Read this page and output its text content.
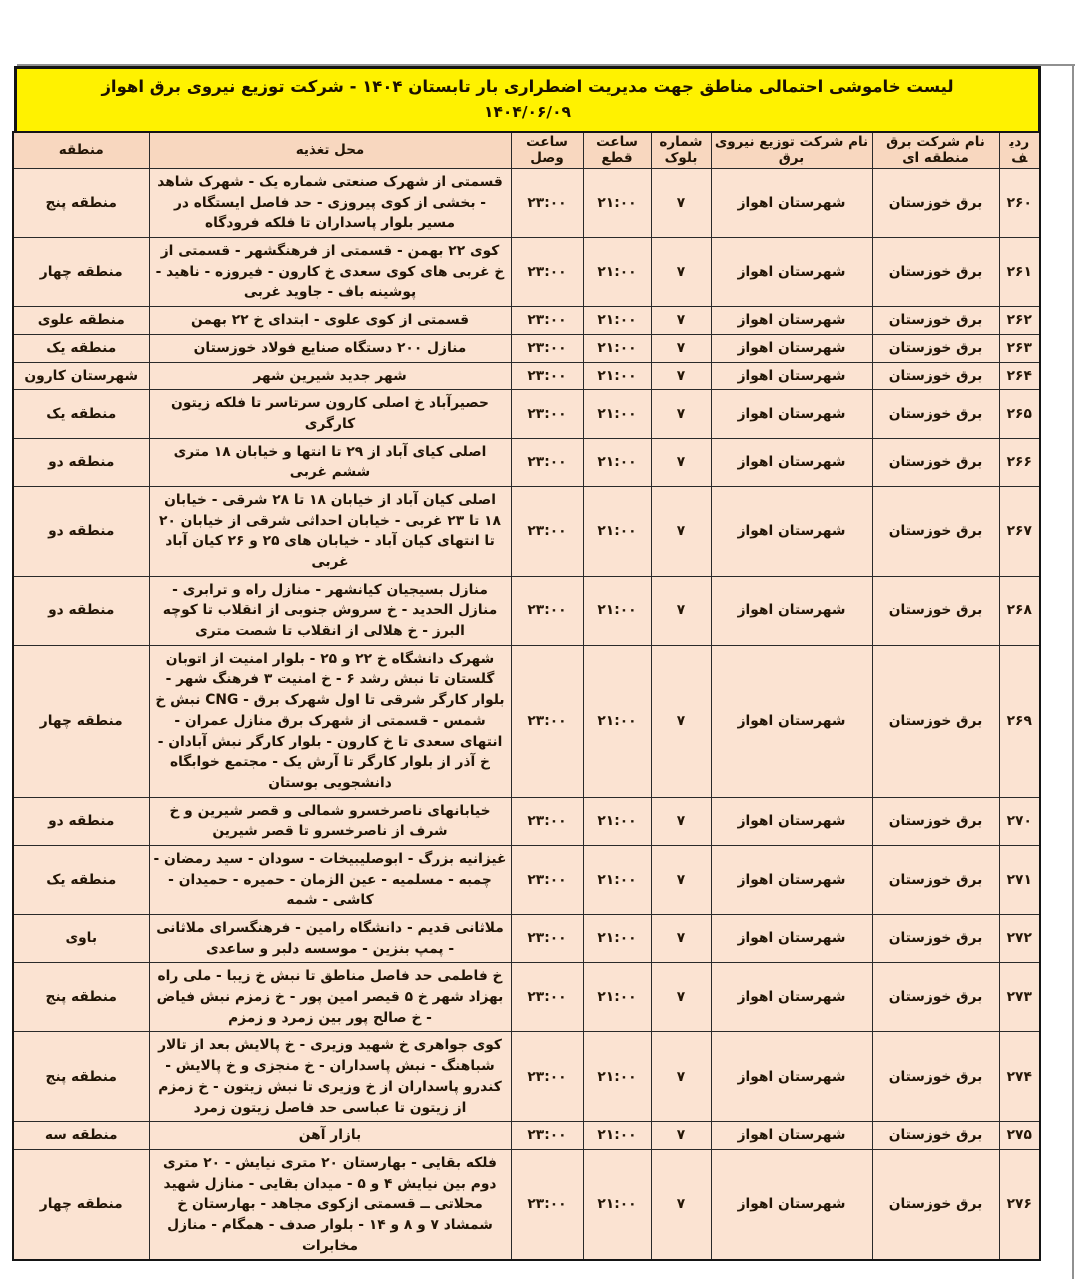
لیست خاموشی احتمالی مناطق جهت مدیریت اضطراری بار تابستان ۱۴۰۴ - شرکت توزیع نیروی برق اهواز
۱۴۰۴/۰۶/۰۹
ردیف	نام شرکت برق منطقه ای	نام شرکت توزیع نیروی برق	شماره بلوک	ساعت قطع	ساعت وصل	محل تغذیه	منطقه
۲۶۰	برق خوزستان	شهرستان اهواز	۷	۲۱:۰۰	۲۳:۰۰	قسمتی از شهرک صنعتی شماره یک - شهرک شاهد - بخشی از کوی پیروزی - حد فاصل ایستگاه در مسیر بلوار پاسداران تا فلکه فرودگاه	منطقه پنج
۲۶۱	برق خوزستان	شهرستان اهواز	۷	۲۱:۰۰	۲۳:۰۰	کوی ۲۲ بهمن - قسمتی از فرهنگشهر - قسمتی از خ غربی های کوی سعدی خ کارون - فیروزه - ناهید - پوشینه باف - جاوید غربی	منطقه چهار
۲۶۲	برق خوزستان	شهرستان اهواز	۷	۲۱:۰۰	۲۳:۰۰	قسمتی از کوی علوی - ابتدای خ ۲۲ بهمن	منطقه علوی
۲۶۳	برق خوزستان	شهرستان اهواز	۷	۲۱:۰۰	۲۳:۰۰	منازل ۲۰۰ دستگاه صنایع فولاد خوزستان	منطقه یک
۲۶۴	برق خوزستان	شهرستان اهواز	۷	۲۱:۰۰	۲۳:۰۰	شهر جدید شیرین شهر	شهرستان کارون
۲۶۵	برق خوزستان	شهرستان اهواز	۷	۲۱:۰۰	۲۳:۰۰	حصیرآباد خ اصلی کارون سرتاسر تا فلکه زیتون کارگری	منطقه یک
۲۶۶	برق خوزستان	شهرستان اهواز	۷	۲۱:۰۰	۲۳:۰۰	اصلی کیای آباد از ۲۹ تا انتها و خیابان ۱۸ متری ششم غربی	منطقه دو
۲۶۷	برق خوزستان	شهرستان اهواز	۷	۲۱:۰۰	۲۳:۰۰	اصلی کیان آباد از خیابان ۱۸ تا ۲۸ شرقی - خیابان ۱۸ تا ۲۳ غربی - خیابان احداثی شرقی از خیابان ۲۰ تا انتهای کیان آباد - خیابان های ۲۵ و ۲۶ کیان آباد غربی	منطقه دو
۲۶۸	برق خوزستان	شهرستان اهواز	۷	۲۱:۰۰	۲۳:۰۰	منازل بسیجیان کیانشهر - منازل راه و ترابری - منازل الحدید - خ سروش جنوبی از انقلاب تا کوچه البرز - خ هلالی از انقلاب تا شصت متری	منطقه دو
۲۶۹	برق خوزستان	شهرستان اهواز	۷	۲۱:۰۰	۲۳:۰۰	شهرک دانشگاه خ ۲۲ و ۲۵ - بلوار امنیت از اتوبان گلستان تا نبش رشد ۶ - خ امنیت ۳ فرهنگ شهر - بلوار کارگر شرقی تا اول شهرک برق - CNG نبش خ شمس - قسمتی از شهرک برق منازل عمران - انتهای سعدی تا خ کارون - بلوار کارگر نبش آبادان - خ آذر از بلوار کارگر تا آرش یک - مجتمع خوابگاه دانشجویی بوستان	منطقه چهار
۲۷۰	برق خوزستان	شهرستان اهواز	۷	۲۱:۰۰	۲۳:۰۰	خیابانهای ناصرخسرو شمالی و قصر شیرین و خ شرف از ناصرخسرو تا قصر شیرین	منطقه دو
۲۷۱	برق خوزستان	شهرستان اهواز	۷	۲۱:۰۰	۲۳:۰۰	غیزانیه بزرگ - ابوصلیبیخات - سودان - سید رمضان - چمبه - مسلمیه - عین الزمان - حمیره - حمیدان - کاشی - شمه	منطقه یک
۲۷۲	برق خوزستان	شهرستان اهواز	۷	۲۱:۰۰	۲۳:۰۰	ملاثانی قدیم - دانشگاه رامین - فرهنگسرای ملاثانی - پمپ بنزین - موسسه دلبر و ساعدی	باوی
۲۷۳	برق خوزستان	شهرستان اهواز	۷	۲۱:۰۰	۲۳:۰۰	خ فاطمی حد فاصل مناطق تا نبش خ زیبا - ملی راه بهزاد شهر خ ۵ قیصر امین پور - خ زمزم نبش فیاض - خ صالح پور بین زمرد و زمزم	منطقه پنج
۲۷۴	برق خوزستان	شهرستان اهواز	۷	۲۱:۰۰	۲۳:۰۰	کوی جواهری خ شهید وزیری - خ پالایش بعد از تالار شباهنگ - نبش پاسداران - خ منجزی و خ پالایش - کندرو پاسداران از خ وزیری تا نبش زیتون - خ زمزم از زیتون تا عباسی حد فاصل زیتون زمرد	منطقه پنج
۲۷۵	برق خوزستان	شهرستان اهواز	۷	۲۱:۰۰	۲۳:۰۰	بازار آهن	منطقه سه
۲۷۶	برق خوزستان	شهرستان اهواز	۷	۲۱:۰۰	۲۳:۰۰	فلکه بقایی - بهارستان ۲۰ متری نیایش - ۲۰ متری دوم بین نیایش ۴ و ۵ - میدان بقایی - منازل شهید محلاتی ــ قسمتی ازکوی مجاهد - بهارستان خ شمشاد ۷ و ۸ و ۱۴ - بلوار صدف - همگام - منازل مخابرات	منطقه چهار
